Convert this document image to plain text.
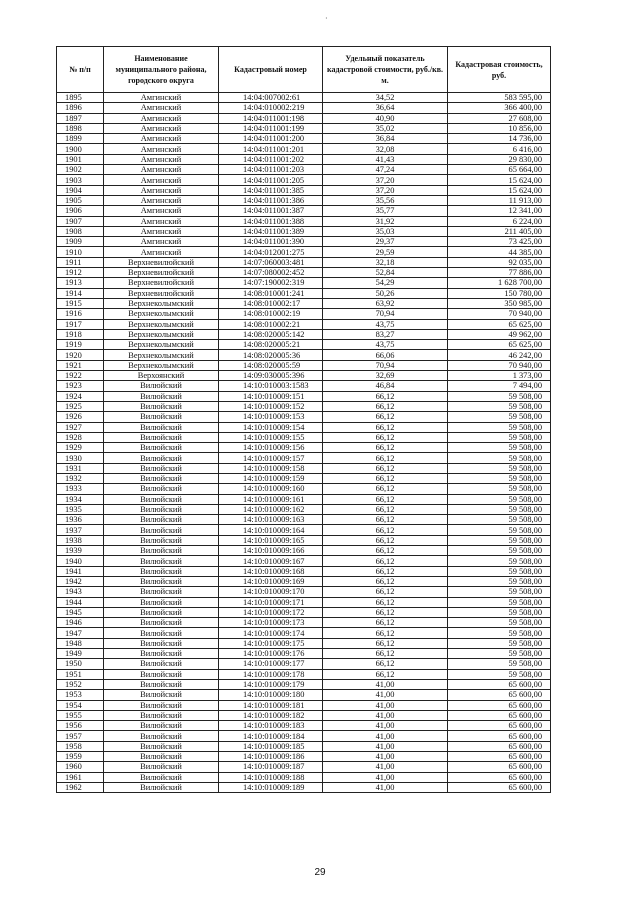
·
№ п/п	Наименование муниципального района, городского округа	Кадастровый номер	Удельный показатель кадастровой стоимости, руб./кв. м.	Кадастровая стоимость, руб.
1895	Амгинский	14:04:007002:61	34,52	583 595,00
1896	Амгинский	14:04:010002:219	36,64	366 400,00
1897	Амгинский	14:04:011001:198	40,90	27 608,00
1898	Амгинский	14:04:011001:199	35,02	10 856,00
1899	Амгинский	14:04:011001:200	36,84	14 736,00
1900	Амгинский	14:04:011001:201	32,08	6 416,00
1901	Амгинский	14:04:011001:202	41,43	29 830,00
1902	Амгинский	14:04:011001:203	47,24	65 664,00
1903	Амгинский	14:04:011001:205	37,20	15 624,00
1904	Амгинский	14:04:011001:385	37,20	15 624,00
1905	Амгинский	14:04:011001:386	35,56	11 913,00
1906	Амгинский	14:04:011001:387	35,77	12 341,00
1907	Амгинский	14:04:011001:388	31,92	6 224,00
1908	Амгинский	14:04:011001:389	35,03	211 405,00
1909	Амгинский	14:04:011001:390	29,37	73 425,00
1910	Амгинский	14:04:012001:275	29,59	44 385,00
1911	Верхневилюйский	14:07:060003:481	32,18	92 035,00
1912	Верхневилюйский	14:07:080002:452	52,84	77 886,00
1913	Верхневилюйский	14:07:190002:319	54,29	1 628 700,00
1914	Верхневилюйский	14:08:010001:241	50,26	150 780,00
1915	Верхнеколымский	14:08:010002:17	63,92	350 985,00
1916	Верхнеколымский	14:08:010002:19	70,94	70 940,00
1917	Верхнеколымский	14:08:010002:21	43,75	65 625,00
1918	Верхнеколымский	14:08:020005:142	83,27	49 962,00
1919	Верхнеколымский	14:08:020005:21	43,75	65 625,00
1920	Верхнеколымский	14:08:020005:36	66,06	46 242,00
1921	Верхнеколымский	14:08:020005:59	70,94	70 940,00
1922	Верхоянский	14:09:030005:396	32,69	1 373,00
1923	Вилюйский	14:10:010003:1583	46,84	7 494,00
1924	Вилюйский	14:10:010009:151	66,12	59 508,00
1925	Вилюйский	14:10:010009:152	66,12	59 508,00
1926	Вилюйский	14:10:010009:153	66,12	59 508,00
1927	Вилюйский	14:10:010009:154	66,12	59 508,00
1928	Вилюйский	14:10:010009:155	66,12	59 508,00
1929	Вилюйский	14:10:010009:156	66,12	59 508,00
1930	Вилюйский	14:10:010009:157	66,12	59 508,00
1931	Вилюйский	14:10:010009:158	66,12	59 508,00
1932	Вилюйский	14:10:010009:159	66,12	59 508,00
1933	Вилюйский	14:10:010009:160	66,12	59 508,00
1934	Вилюйский	14:10:010009:161	66,12	59 508,00
1935	Вилюйский	14:10:010009:162	66,12	59 508,00
1936	Вилюйский	14:10:010009:163	66,12	59 508,00
1937	Вилюйский	14:10:010009:164	66,12	59 508,00
1938	Вилюйский	14:10:010009:165	66,12	59 508,00
1939	Вилюйский	14:10:010009:166	66,12	59 508,00
1940	Вилюйский	14:10:010009:167	66,12	59 508,00
1941	Вилюйский	14:10:010009:168	66,12	59 508,00
1942	Вилюйский	14:10:010009:169	66,12	59 508,00
1943	Вилюйский	14:10:010009:170	66,12	59 508,00
1944	Вилюйский	14:10:010009:171	66,12	59 508,00
1945	Вилюйский	14:10:010009:172	66,12	59 508,00
1946	Вилюйский	14:10:010009:173	66,12	59 508,00
1947	Вилюйский	14:10:010009:174	66,12	59 508,00
1948	Вилюйский	14:10:010009:175	66,12	59 508,00
1949	Вилюйский	14:10:010009:176	66,12	59 508,00
1950	Вилюйский	14:10:010009:177	66,12	59 508,00
1951	Вилюйский	14:10:010009:178	66,12	59 508,00
1952	Вилюйский	14:10:010009:179	41,00	65 600,00
1953	Вилюйский	14:10:010009:180	41,00	65 600,00
1954	Вилюйский	14:10:010009:181	41,00	65 600,00
1955	Вилюйский	14:10:010009:182	41,00	65 600,00
1956	Вилюйский	14:10:010009:183	41,00	65 600,00
1957	Вилюйский	14:10:010009:184	41,00	65 600,00
1958	Вилюйский	14:10:010009:185	41,00	65 600,00
1959	Вилюйский	14:10:010009:186	41,00	65 600,00
1960	Вилюйский	14:10:010009:187	41,00	65 600,00
1961	Вилюйский	14:10:010009:188	41,00	65 600,00
1962	Вилюйский	14:10:010009:189	41,00	65 600,00
29
